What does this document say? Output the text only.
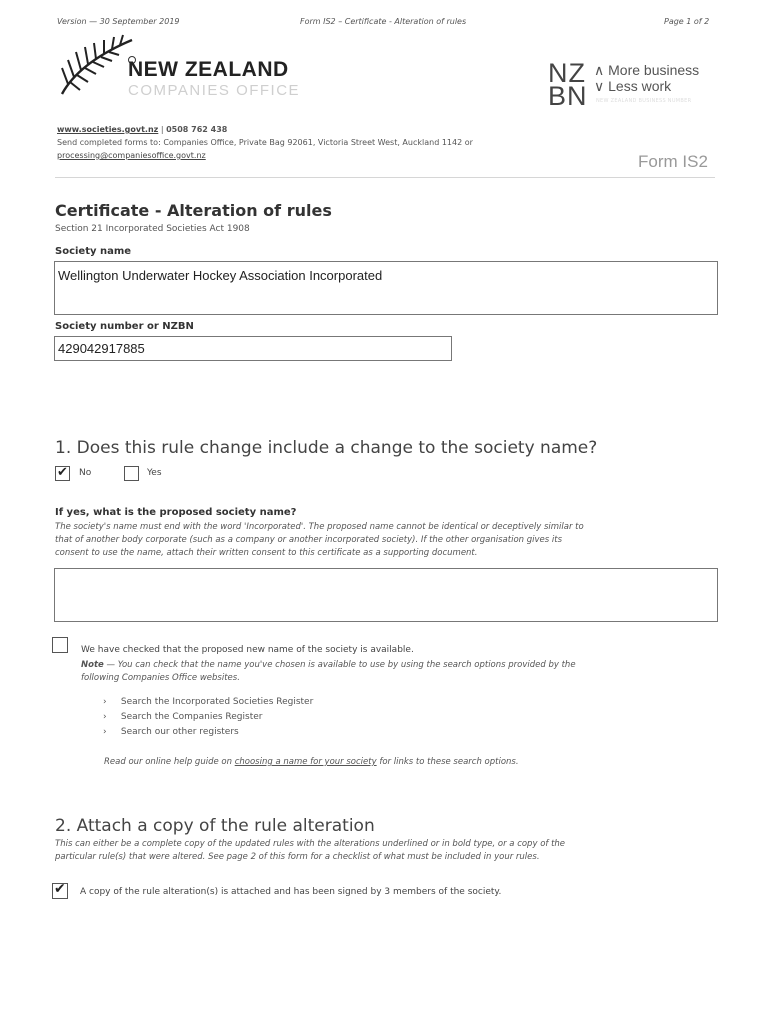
Version — 30 September 2019	Form IS2 – Certificate - Alteration of rules	Page 1 of 2
NEW ZEALAND
COMPANIES OFFICE
NZ
BN
∧ More business
∨ Less work
NEW ZEALAND BUSINESS NUMBER
www.societies.govt.nz | 0508 762 438
Send completed forms to: Companies Office, Private Bag 92061, Victoria Street West, Auckland 1142 or
processing@companiesoffice.govt.nz	Form IS2
Certificate - Alteration of rules
Section 21 Incorporated Societies Act 1908
Society name
Wellington Underwater Hockey Association Incorporated
Society number or NZBN
429042917885
1. Does this rule change include a change to the society name?
✔ No	Yes
If yes, what is the proposed society name?
The society's name must end with the word 'Incorporated'. The proposed name cannot be identical or deceptively similar to
that of another body corporate (such as a company or another incorporated society). If the other organisation gives its
consent to use the name, attach their written consent to this certificate as a supporting document.
We have checked that the proposed new name of the society is available.
Note — You can check that the name you've chosen is available to use by using the search options provided by the
following Companies Office websites.
› Search the Incorporated Societies Register
› Search the Companies Register
› Search our other registers
Read our online help guide on choosing a name for your society for links to these search options.
2. Attach a copy of the rule alteration
This can either be a complete copy of the updated rules with the alterations underlined or in bold type, or a copy of the
particular rule(s) that were altered. See page 2 of this form for a checklist of what must be included in your rules.
✔ A copy of the rule alteration(s) is attached and has been signed by 3 members of the society.
